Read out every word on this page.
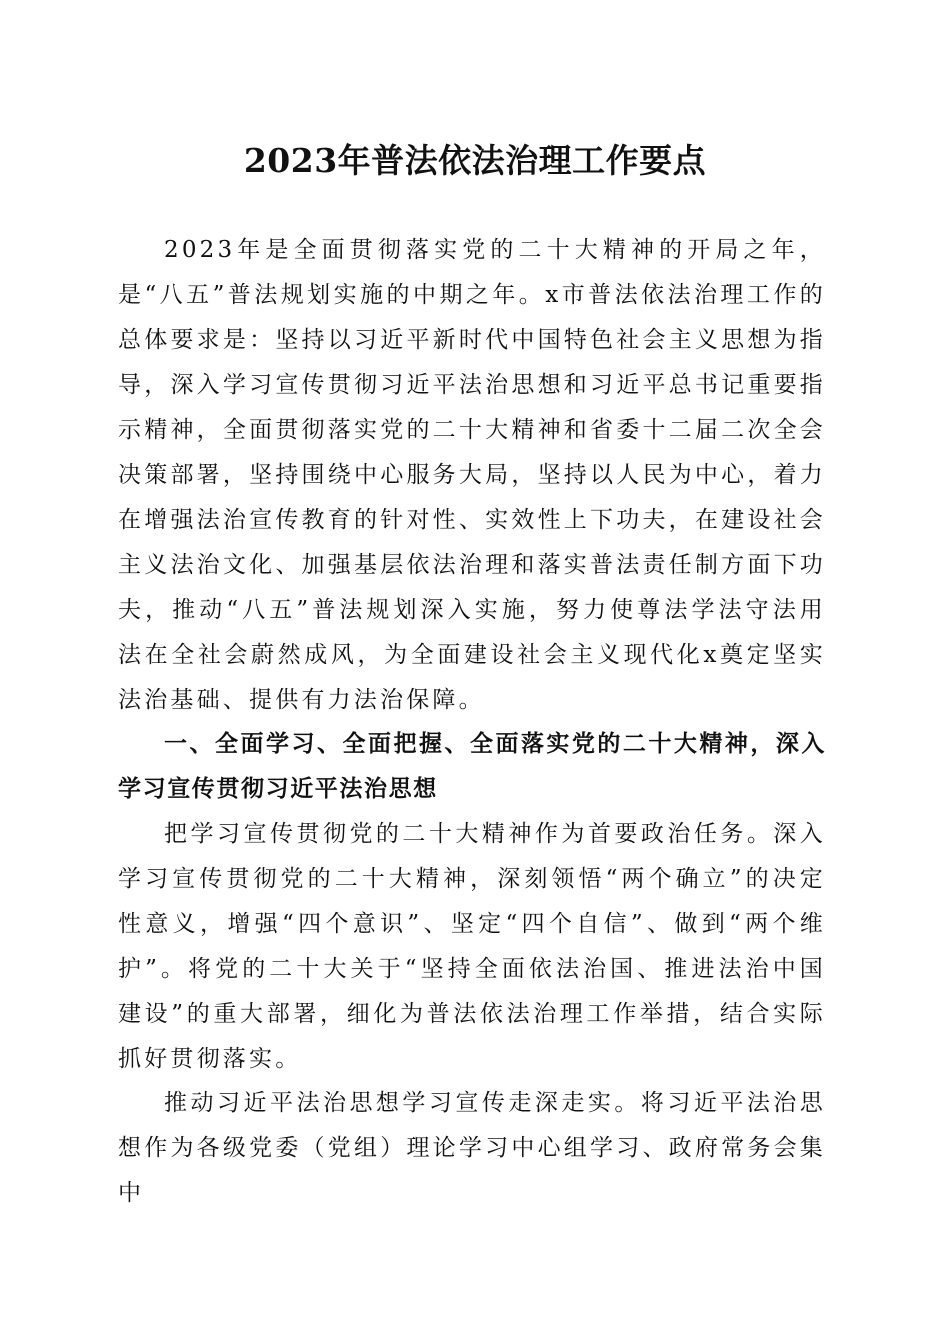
2023年普法依法治理工作要点

2023年是全面贯彻落实党的二十大精神的开局之年，是“八五”普法规划实施的中期之年。x市普法依法治理工作的总体要求是：坚持以习近平新时代中国特色社会主义思想为指导，深入学习宣传贯彻习近平法治思想和习近平总书记重要指示精神，全面贯彻落实党的二十大精神和省委十二届二次全会决策部署，坚持围绕中心服务大局，坚持以人民为中心，着力在增强法治宣传教育的针对性、实效性上下功夫，在建设社会主义法治文化、加强基层依法治理和落实普法责任制方面下功夫，推动“八五”普法规划深入实施，努力使尊法学法守法用法在全社会蔚然成风，为全面建设社会主义现代化x奠定坚实法治基础、提供有力法治保障。

一、全面学习、全面把握、全面落实党的二十大精神，深入学习宣传贯彻习近平法治思想

把学习宣传贯彻党的二十大精神作为首要政治任务。深入学习宣传贯彻党的二十大精神，深刻领悟“两个确立”的决定性意义，增强“四个意识”、坚定“四个自信”、做到“两个维护”。将党的二十大关于“坚持全面依法治国、推进法治中国建设”的重大部署，细化为普法依法治理工作举措，结合实际抓好贯彻落实。

推动习近平法治思想学习宣传走深走实。将习近平法治思想作为各级党委（党组）理论学习中心组学习、政府常务会集中
